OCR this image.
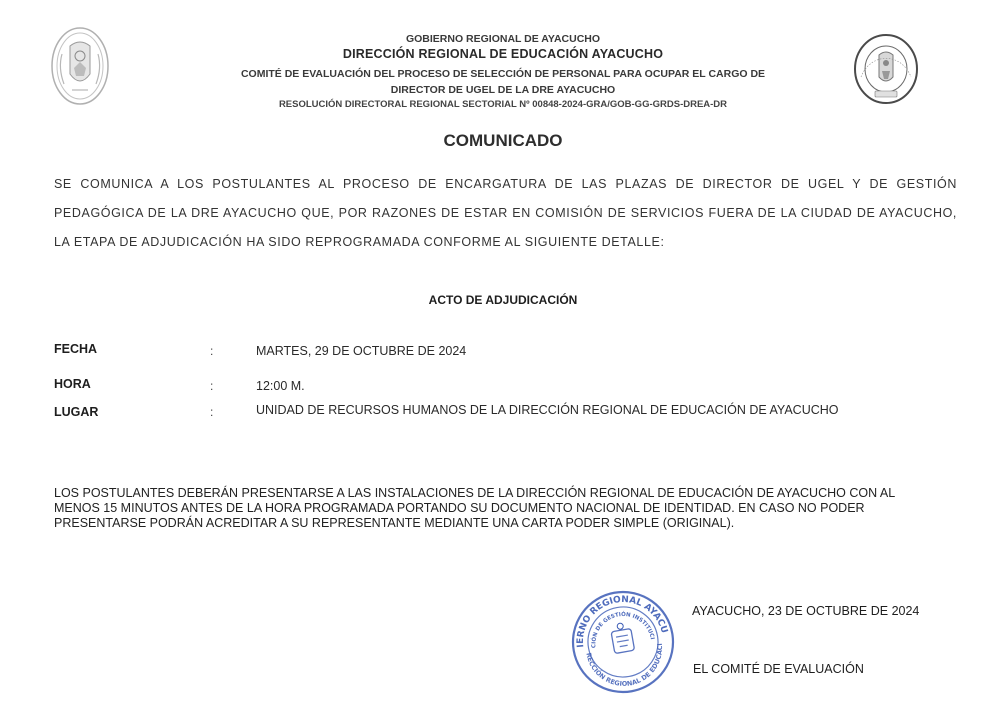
GOBIERNO REGIONAL DE AYACUCHO
DIRECCIÓN REGIONAL DE EDUCACIÓN AYACUCHO
COMITÉ DE EVALUACIÓN DEL PROCESO DE SELECCIÓN DE PERSONAL PARA OCUPAR EL CARGO DE
DIRECTOR DE UGEL DE LA DRE AYACUCHO
RESOLUCIÓN DIRECTORAL REGIONAL SECTORIAL Nº 00848-2024-GRA/GOB-GG-GRDS-DREA-DR
COMUNICADO
SE COMUNICA A LOS POSTULANTES AL PROCESO DE ENCARGATURA DE LAS PLAZAS DE DIRECTOR DE UGEL Y DE GESTIÓN PEDAGÓGICA DE LA DRE AYACUCHO QUE, POR RAZONES DE ESTAR EN COMISIÓN DE SERVICIOS FUERA DE LA CIUDAD DE AYACUCHO, LA ETAPA DE ADJUDICACIÓN HA SIDO REPROGRAMADA CONFORME AL SIGUIENTE DETALLE:
ACTO DE ADJUDICACIÓN
FECHA	:	MARTES, 29 DE OCTUBRE DE 2024
HORA	:	12:00 M.
LUGAR	:	UNIDAD DE RECURSOS HUMANOS DE LA DIRECCIÓN REGIONAL DE EDUCACIÓN DE AYACUCHO
LOS POSTULANTES DEBERÁN PRESENTARSE A LAS INSTALACIONES DE LA DIRECCIÓN REGIONAL DE EDUCACIÓN DE AYACUCHO CON AL MENOS 15 MINUTOS ANTES DE LA HORA PROGRAMADA PORTANDO SU DOCUMENTO NACIONAL DE IDENTIDAD. EN CASO NO PODER PRESENTARSE PODRÁN ACREDITAR A SU REPRESENTANTE MEDIANTE UNA CARTA PODER SIMPLE (ORIGINAL).
GOBIERNO REGIONAL AYACUCHO
DIRECCIÓN DE GESTIÓN INSTITUCIONAL
DIRECCIÓN REGIONAL DE EDUCACIÓN
AYACUCHO, 23 DE OCTUBRE DE 2024
EL COMITÉ DE EVALUACIÓN
